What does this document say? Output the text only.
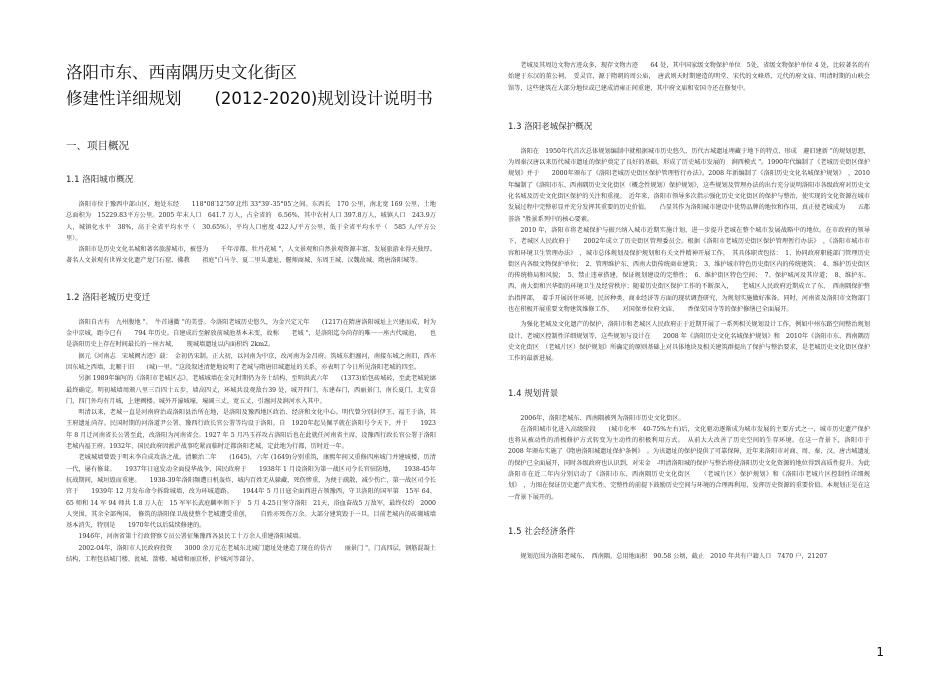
洛阳市东、西南隅历史文化街区
修建性详细规划　　(2012-2020)规划设计说明书
一、项目概况
1.1 洛阳城市概况

洛阳市位于豫西中部山区，地处东经　　118°08′12″59′北纬 33°39′-35°05′之间。东西长　170 公里，南北宽 169 公里，土地总面积为　15229.83平方公里。2005 年末人口　641.7 万人，占全省的　6.56%，其中农村人口 397.8万人，城镇人口　243.9万人，城镇化水平　38%，高于全省平均水平（　30.65%），平均人口密度 422人/平方公里，低于全省平均水平（　585 人/平方公里）。

洛阳市是历史文化名城和著名旅游城市，被誉为　　千年帝都、牡丹花城 "，人文景观和自然景观资源丰富，发展旅游业得天独厚。著名人文景观有世界文化遗产龙门石窟、佛教　　祖庭"白马寺、夏二里头遗址、偃师商城、东周王城、汉魏故城、隋唐洛阳城等。

1.2 洛阳老城历史变迁

洛阳自古有　九州腹地 "、　牛首通衢 "的美誉。今洛阳老城历史悠久，为金兴定元年　　(1217)在隋唐洛阳城址上兴建而成，时为金中京城，距今已有　　794 年历史。自建成后至解放前城池基本未变，故称　　老城 "，是洛阳迄今尚存的唯一一座古代城池，　　也是洛阳历史上存在时间最长的一座古城，　　现城墙遗址以内面积约 2km2。

据元《河南志　宋城阙古迹》载：　金初仍宋制。正大初，以河南为中京，改河南为金昌府。筑城东拒瀍河，南接东城之南旧，西亦因东城之西墙，北顺于旧　　(城)一里。"这段叙述清楚地说明了老城与隋唐旧城遗址的关系，亦表明了今日所见洛阳老城的四至。

另据 1989年编写的《洛阳市老城区志》，老城城墙在金元时期仍为夯土结构，至明洪武六年　　(1373)始包砖城砖，至此老城轮廓最终确定。明初城墙周颁八里三百四十五步，墙高四丈，环城共设观敌台39 处，城开四门，东建春门，西丽景门，南长夏门，北安喜门，四门外均有月城，上建阙楼。城外开濠城壕，壕阔三丈，宽五丈，引瀍河及涧河水入其中。

明清以来，老城一直是河南府治或洛阳县治所在地，是洛阳及豫西地区政治、经济和文化中心。明代曾分别封伊王、福王于洛，其王府遗址尚存。民国时期的河洛道尹公署、豫西行政长官公署等均设于洛阳。自　1920年起吴佩孚就在洛阳号令天下，并于　　1923年 8 月迁河南省长公署至此，改洛阳为河南省会。1927 年 5 月冯玉祥攻占洛阳后也在此就任河南省主席，设豫西行政长官公署于洛阳老城内福王府。1932年，国民政府因淞沪战事吃紧而临时迁都洛阳老城，定此地为行都，历时近一年。

老城城墙曾毁于明末李自成攻洛之战。清顺治二年　　(1645)，六年 (1649)分别重筑，康熙年间又重修四座城门并建城楼，历清一代，屡有修葺。　　1937年日寇发动全面侵华战争，国民政府于　　1938年 1 月设洛阳为第一战区司令长官驻防地，　　1938-45年抗战期间，城垣毁而重建。　　1938-39年洛阳频遭日机轰炸，城内百姓无从躲藏，死伤惨重，为便于疏散，减少伤亡，第一战区司令长官于　　1939年 12 月发布命令拆除城墙，改为环城道路。　　1944年 5 月日寇全面西进占领豫西，守卫洛阳的国军第　15军 64、65 师和 14 军 94 师共 1.8 万人在　15 军军长武庭麟率领下于　5 月 4-25日坚守洛阳　21天，浴血奋战5 万敌军，最终仅约　2000人突围，其余全部殉国。　修筑的洛阳保卫战使整个老城遭受重创，　　自姓亦死伤万余。大部分建筑毁于一旦。目前老城内的砖砌城墙基本消失，特别是　　1970年代以后陆续修建的。

1946年，河南省第十行政督察专员公署征集豫西各县民工十万余人重建洛阳城墙。

2002-04年，洛阳市人民政府投资　　3000 余万元在老城东北城门遗址处建造了现在的仿古　　丽景门 "，门高四层，钢筋混凝土结构，工程包括城门楼、瓮城、箭楼、城墙和丽京桥，护城河等部分。

老城及其周边文物古迹众多，现存文物古迹　　64 处，其中国家级文物保护单位　5处，省级文物保护单位 4 处，比较著名的有始建于东汉的董公祠、　妥灵宫，源于隋朝的周公庙，　唐武则天时期建造的明堂、宋代的文峰塔、元代的府文庙、明清时期的山峡会馆等，这些建筑在大部分地位或已建成清雍正间重建，其中府文庙和安国寺还在修复中。

1.3 洛阳老城保护概况

洛阳在　1950年代首次总体规划编制中就根据城市历史悠久、历代古城遗址埋藏于地下的特点，形成　避旧建新 "的规划思想，为周秦汉唐以来历代城市遗址的保护奠定了良好的基础，形成了历史城市发展的　涧西模式 "。1990年代编制了《老城历史街区保护规划》并于　　2000年颁布了《洛阳老城历史街区保护管理暂行办法》。2008 年新编制了《洛阳历史文化名城保护规划》　，2010 年编制了《洛阳市东、西南隅历史文化街区（概念性规划）保护规划》，这些规划及管理办法的出台充分说明洛阳市各级政府对历史文化名城及历史文化街区保护的关注和重视。　近年来，洛阳市领导多次指示强化历史文化街区的保护与整治，使实现的文化资源在城市发展过程中完整彰显并充分发挥其重要的历史价值。　　凸显其作为洛阳城市建设中优势品牌的地位和作用，真正使老城成为　　五都荟洛 "胜景系列中的核心要素。

2010 年，洛阳市将老城保护与振兴纳入城市近期实施计划，进一步提升老城在整个城市发展战略中的地位。在市政府的领导下，老城区人民政府于　　2002年成立了历史街区管理委员会。根据《洛阳市老城历史街区保护管理暂行办法》　，《洛阳市城市市容和环境卫生管理办法》　，城市总体规划及保护规划和有关文件精神开展工作，　其具体职责包括：　1、协同政府职能部门管理历史街区内各级文物保护单位；　2、管理维护东、西南大街传统商业建筑；　3、维护城市特色历史街区内的传统建筑；　4、维护历史街区的传统格局和风貌；　5、禁止违章搭建，保证规划建设的完整性；　6、维护街区特色空间；　7、保护城河及其岸道；　8、维护东、西、南大街和兴华街的环境卫生及经营秩序；随着历史街区保护工作的不断深入，　　老城区人民政府近期成立了东、　西南隅保护整治指挥部，　着手开展居住环境、民居种类、商业经济等方面的现状调查研究，为规划实施做好准备。同时，河南省及洛阳市文物部门也在积极开展重要文物建筑维修工作，　　对国保单位府文庙、　　香保安国寺等的保护修缮已全面展开。

为强化老城及文化遗产的保护，洛阳市和老城区人民政府正于近期开展了一系列相关规划设计工作，例如中州东路空间整治规划设计、老城区控制性详细规划等，这些规划与设计在　　2008 年《洛阳历史文化名城保护规划》和　2010年《洛阳市东、西南隅历史文化街区　（老城片区）保护规划》所确定的原则基础上对具体地块及相关建筑群提出了保护与整治要求，是老城历史文化街区保护工作的最新进展。

1.4 规划背景

2006年，洛阳老城东、西南隅被列为洛阳市历史文化街区。

在洛阳城市化进入高级阶段　　(城市化率　40-75%左右)后，文化驱动逐渐成为城市发展的主要方式之一，城市历史遗产保护也将从被动性的消极修护方式转变为主动性的积极利用方式。　从前大大改善了历史空间的生存环境。在这一背景下，洛阳市于　　2008 年颁布实施了《隋唐洛阳城遗址保护条例》　。为该遗址的保护提供了可靠保障，近年来洛阳市对商、周、秦、汉、唐古城遗址的保护已全面展开，同时各级政府也认识到，对宋金　-明清洛阳城的保护与整治将使洛阳历史文化资源的地位得到高质性提升。为此洛阳市在近二年内分别启动了《洛阳市东、西南隅历史文化街区　　（老城片区）保护规划》和《洛阳市老城片区控制性详细规划》　，力图在保证历史遗产真实性、完整性的前提下鼓励历史空间与环境的合理再利用，发挥历史资源的重要价值。本规划正是在这一背景下展开的。

1.5 社会经济条件

规划范围为洛阳老城东、　西南隅，总用地面积　90.58 公顷，截止　2010 年共有户籍人口　7470 户，21207

1
